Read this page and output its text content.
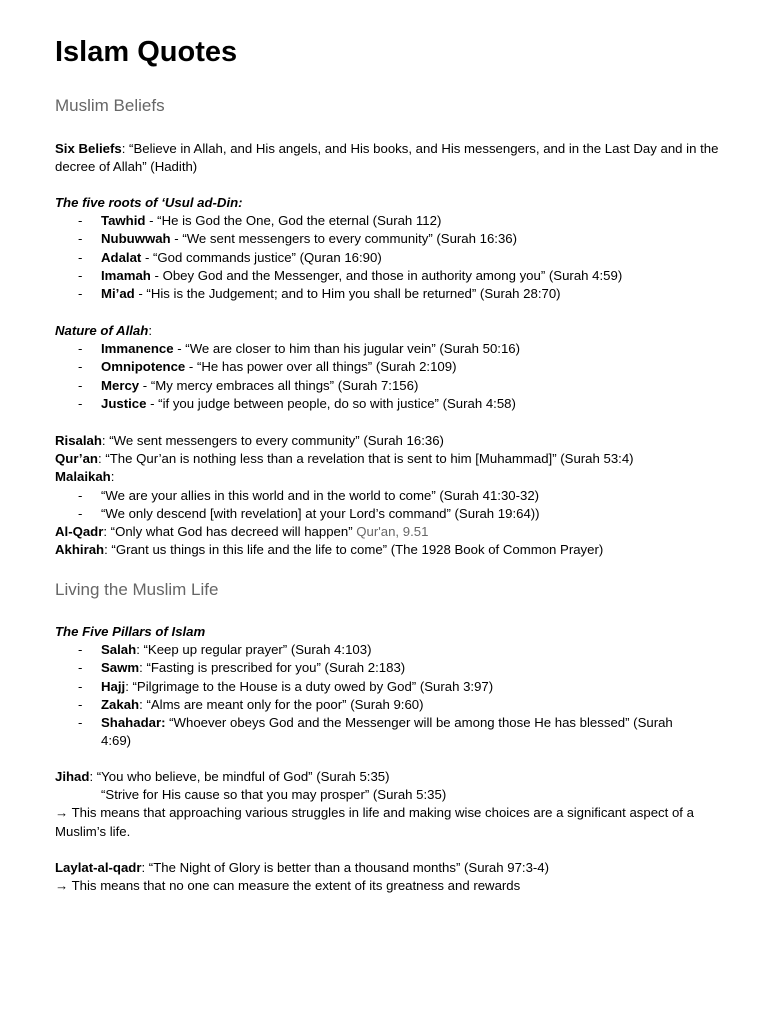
Islam Quotes
Muslim Beliefs

Six Beliefs: “Believe in Allah, and His angels, and His books, and His messengers, and in the Last Day and in the decree of Allah” (Hadith)

The five roots of ‘Usul ad-Din:

- Tawhid - “He is God the One, God the eternal (Surah 112)
- Nubuwwah - “We sent messengers to every community” (Surah 16:36)
- Adalat - “God commands justice” (Quran 16:90)
- Imamah - Obey God and the Messenger, and those in authority among you” (Surah 4:59)
- Mi’ad - “His is the Judgement; and to Him you shall be returned” (Surah 28:70)

Nature of Allah:

- Immanence - “We are closer to him than his jugular vein” (Surah 50:16)
- Omnipotence - “He has power over all things” (Surah 2:109)
- Mercy - “My mercy embraces all things” (Surah 7:156)
- Justice - “if you judge between people, do so with justice” (Surah 4:58)

Risalah: “We sent messengers to every community” (Surah 16:36)

Qur’an: “The Qur’an is nothing less than a revelation that is sent to him [Muhammad]” (Surah 53:4)

Malaikah:

- “We are your allies in this world and in the world to come” (Surah 41:30-32)
- “We only descend [with revelation] at your Lord’s command” (Surah 19:64))

Al-Qadr: “Only what God has decreed will happen” Qur'an, 9.51

Akhirah: “Grant us things in this life and the life to come” (The 1928 Book of Common Prayer)

Living the Muslim Life

The Five Pillars of Islam

- Salah: “Keep up regular prayer” (Surah 4:103)
- Sawm: “Fasting is prescribed for you” (Surah 2:183)
- Hajj: “Pilgrimage to the House is a duty owed by God” (Surah 3:97)
- Zakah: “Alms are meant only for the poor” (Surah 9:60)
- Shahadar: “Whoever obeys God and the Messenger will be among those He has blessed” (Surah 4:69)

Jihad: “You who believe, be mindful of God” (Surah 5:35)

“Strive for His cause so that you may prosper” (Surah 5:35)

→ This means that approaching various struggles in life and making wise choices are a significant aspect of a Muslim’s life.

Laylat-al-qadr: “The Night of Glory is better than a thousand months” (Surah 97:3-4)

→ This means that no one can measure the extent of its greatness and rewards
